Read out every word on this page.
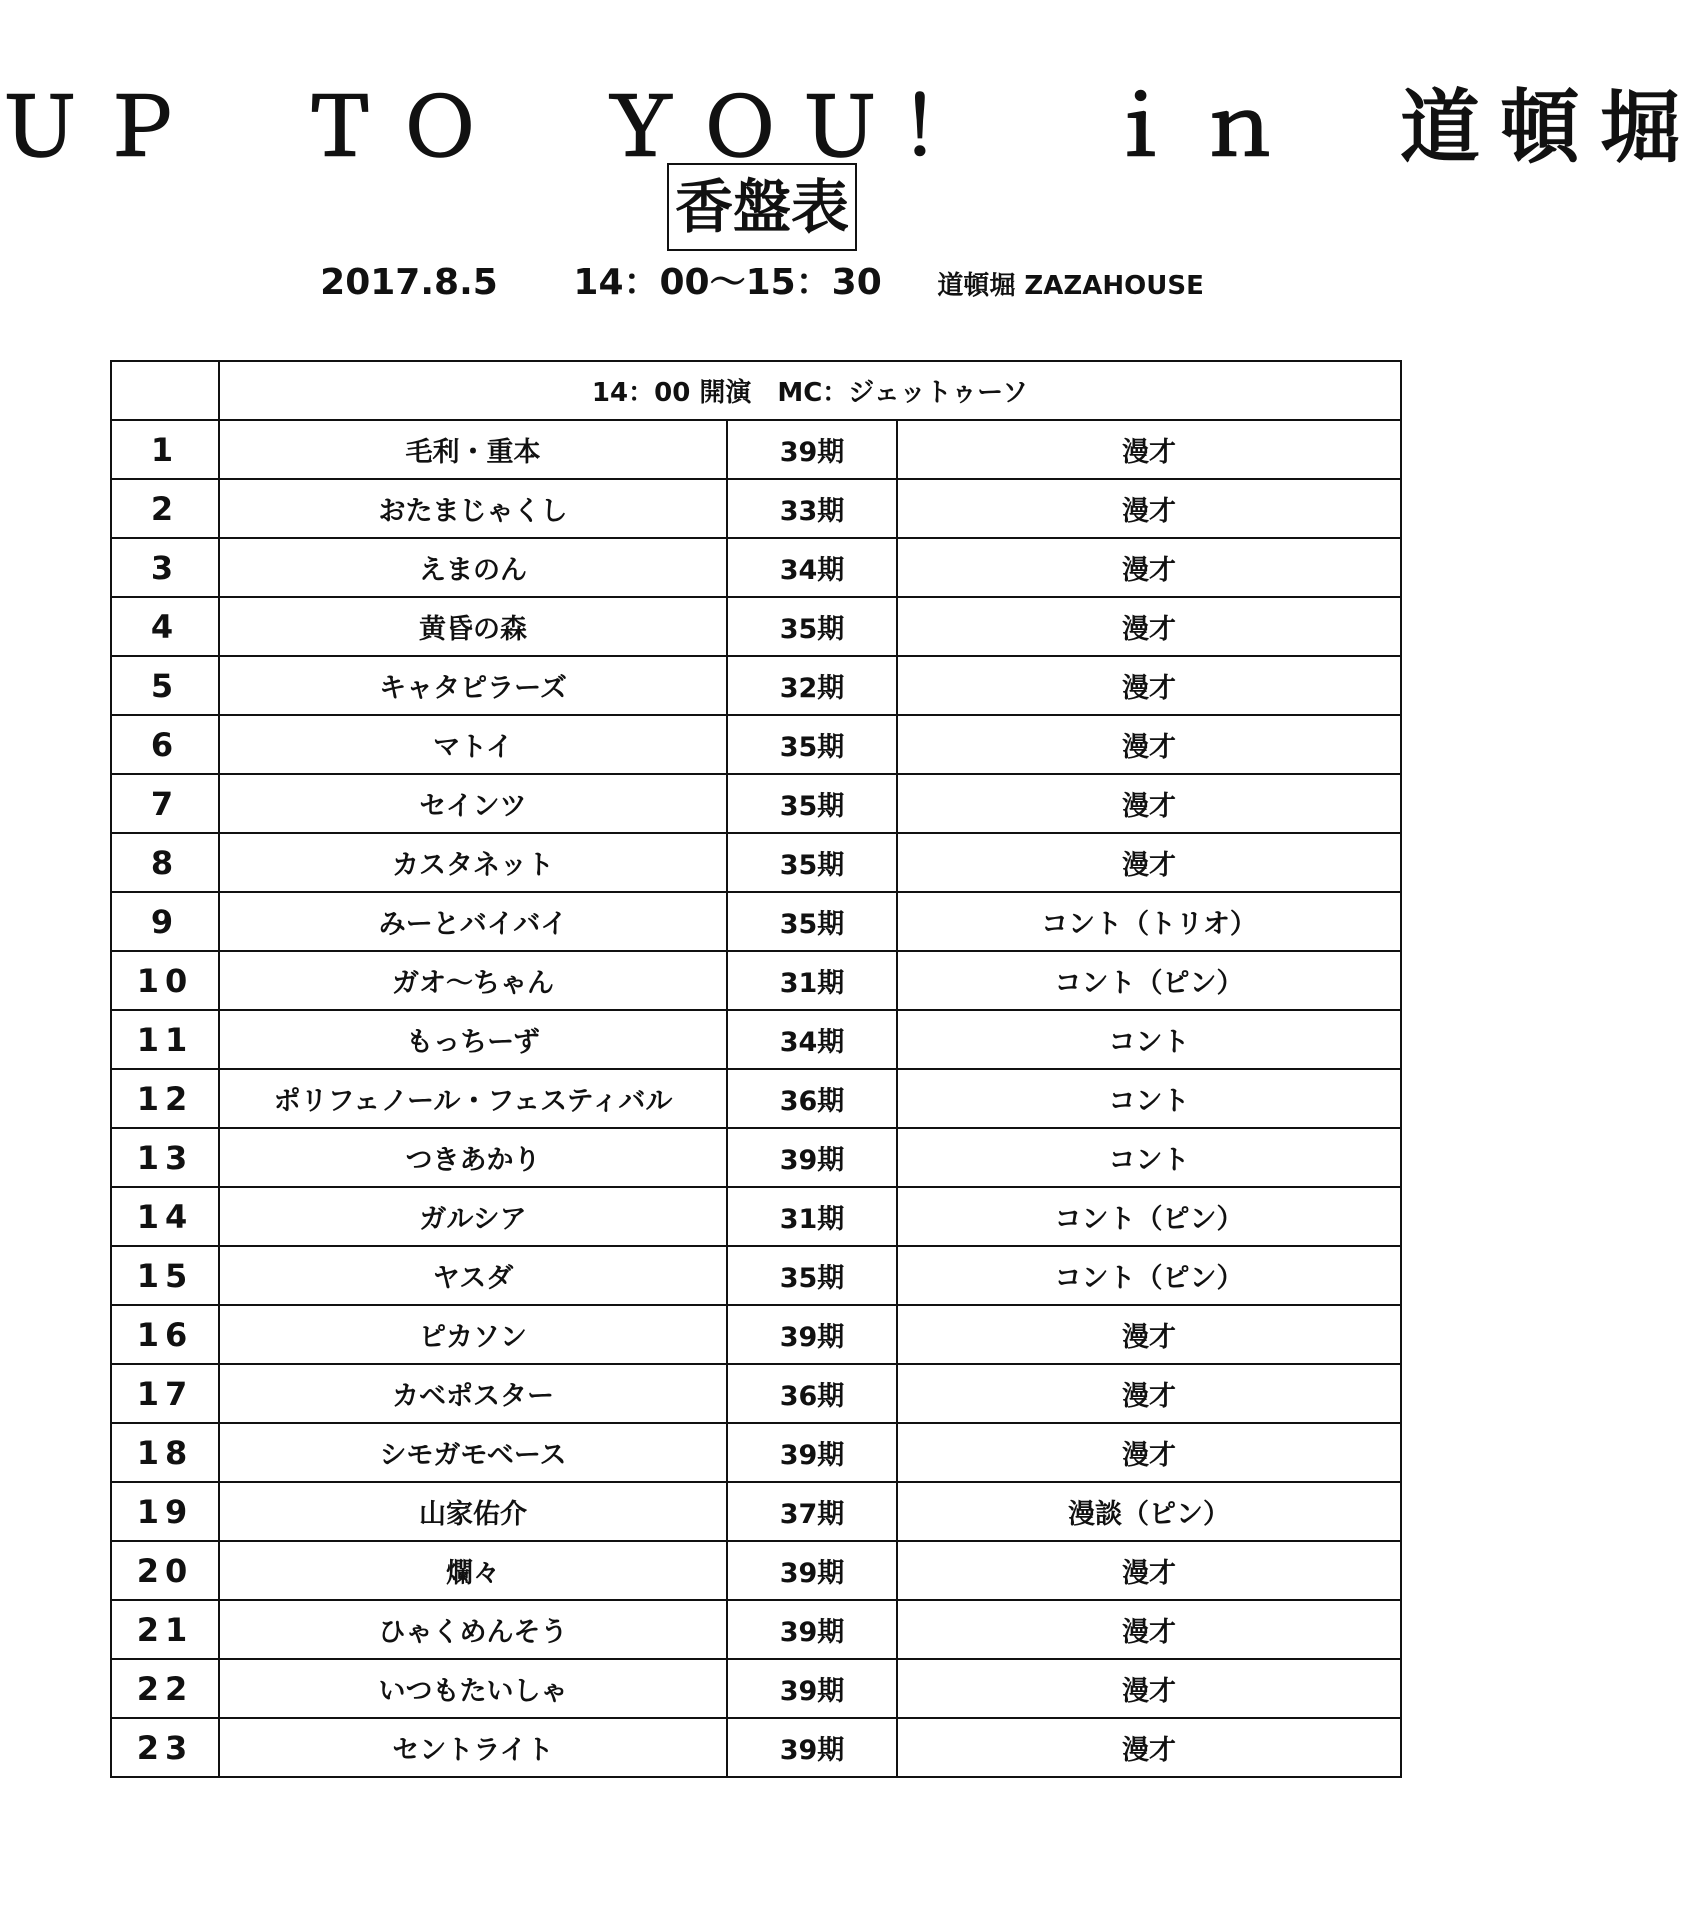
ＵＰ　ＴＯ　ＹＯＵ！　ｉｎ　道頓堀
香盤表
2017.8.5 14：00～15：30 道頓堀 ZAZAHOUSE
	14：00 開演　MC：ジェットゥーソ		
1	毛利・重本	39期	漫才
2	おたまじゃくし	33期	漫才
3	えまのん	34期	漫才
4	黄昏の森	35期	漫才
5	キャタピラーズ	32期	漫才
6	マトイ	35期	漫才
7	セインツ	35期	漫才
8	カスタネット	35期	漫才
9	みーとバイバイ	35期	コント（トリオ）
10	ガオ～ちゃん	31期	コント（ピン）
11	もっちーず	34期	コント
12	ポリフェノール・フェスティバル	36期	コント
13	つきあかり	39期	コント
14	ガルシア	31期	コント（ピン）
15	ヤスダ	35期	コント（ピン）
16	ピカソン	39期	漫才
17	カベポスター	36期	漫才
18	シモガモベース	39期	漫才
19	山家佑介	37期	漫談（ピン）
20	爛々	39期	漫才
21	ひゃくめんそう	39期	漫才
22	いつもたいしゃ	39期	漫才
23	セントライト	39期	漫才
